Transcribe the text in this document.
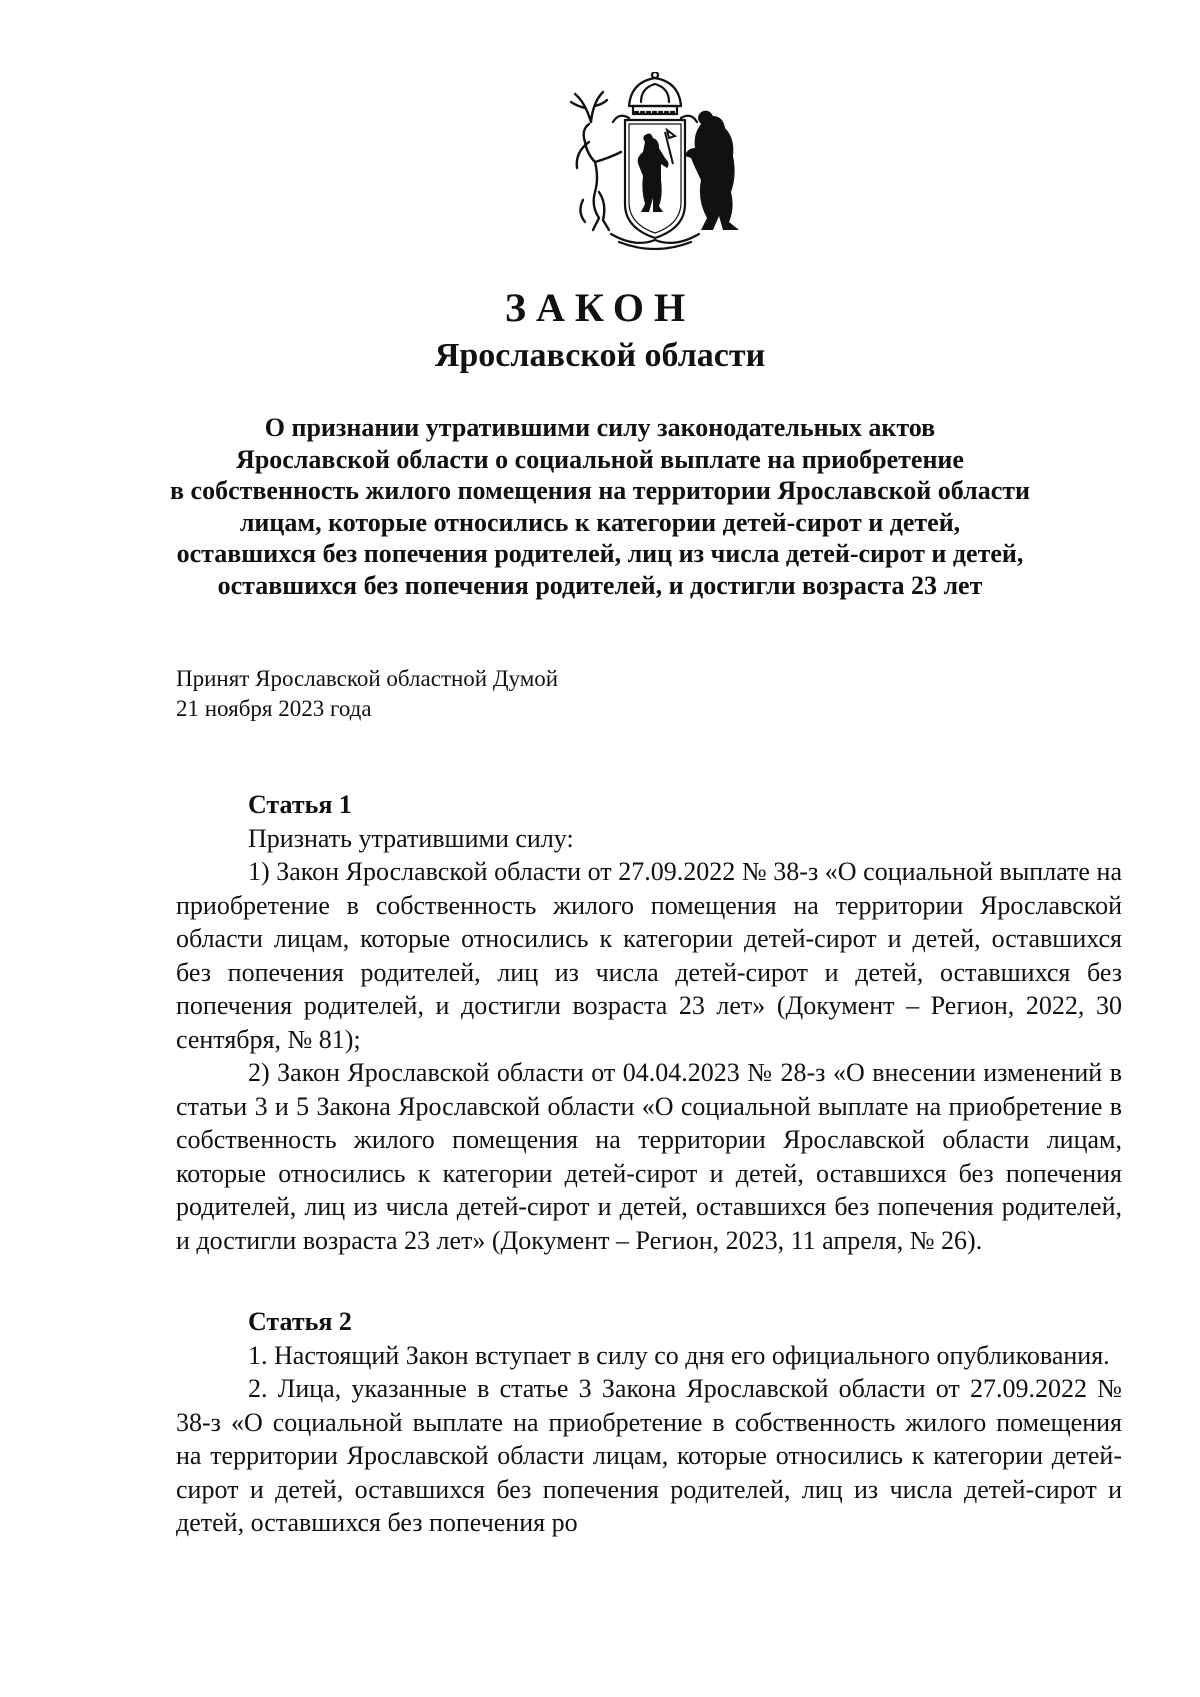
ЗАКОН
Ярославской области
О признании утратившими силу законодательных актов
Ярославской области о социальной выплате на приобретение
в собственность жилого помещения на территории Ярославской области
лицам, которые относились к категории детей-сирот и детей,
оставшихся без попечения родителей, лиц из числа детей-сирот и детей,
оставшихся без попечения родителей, и достигли возраста 23 лет
Принят Ярославской областной Думой
21 ноября 2023 года
Статья 1

Признать утратившими силу:

1) Закон Ярославской области от 27.09.2022 № 38-з «О социальной выплате на приобретение в собственность жилого помещения на территории Ярославской области лицам, которые относились к категории детей-сирот и детей, оставшихся без попечения родителей, лиц из числа детей-сирот и детей, оставшихся без попечения родителей, и достигли возраста 23 лет» (Документ – Регион, 2022, 30 сентября, № 81);

2) Закон Ярославской области от 04.04.2023 № 28-з «О внесении изменений в статьи 3 и 5 Закона Ярославской области «О социальной выплате на приобретение в собственность жилого помещения на территории Ярославской области лицам, которые относились к категории детей-сирот и детей, оставшихся без попечения родителей, лиц из числа детей-сирот и детей, оставшихся без попечения родителей, и достигли возраста 23 лет» (Документ – Регион, 2023, 11 апреля, № 26).

Статья 2

1. Настоящий Закон вступает в силу со дня его официального опубликования.

2. Лица, указанные в статье 3 Закона Ярославской области от 27.09.2022 № 38-з «О социальной выплате на приобретение в собственность жилого помещения на территории Ярославской области лицам, которые относились к категории детей-сирот и детей, оставшихся без попечения родителей, лиц из числа детей-сирот и детей, оставшихся без попечения ро
